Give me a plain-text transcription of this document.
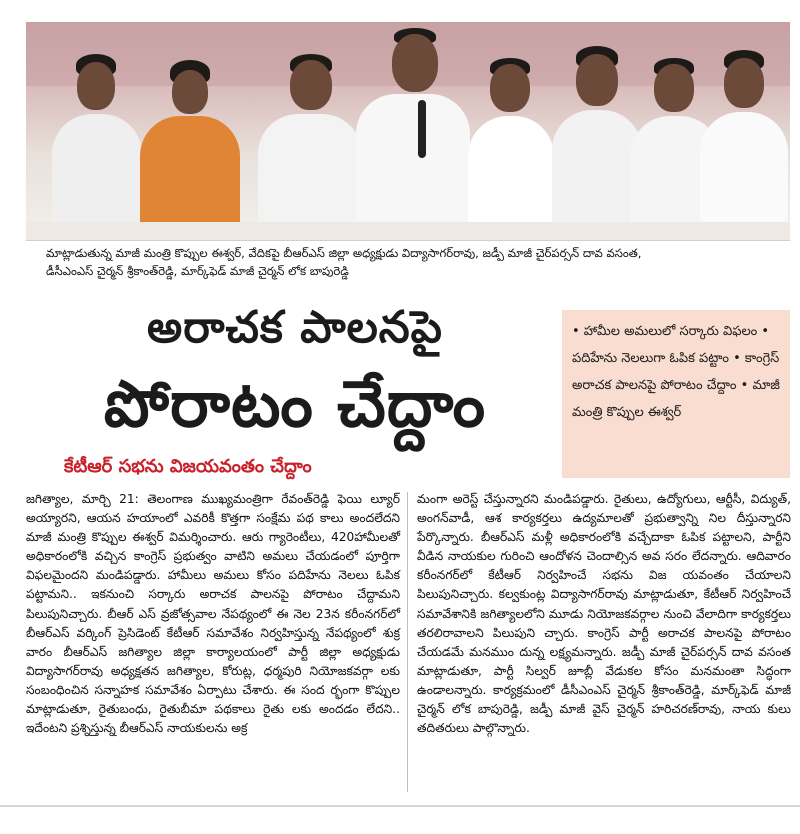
మాట్లాడుతున్న మాజీ మంత్రి కొప్పుల ఈశ్వర్, వేదికపై బీఆర్ఎస్ జిల్లా అధ్యక్షుడు విద్యాసాగర్‌రావు, జడ్పీ మాజీ చైర్‌పర్సన్ దావ వసంత,
డీసీఎంఎస్ చైర్మన్ శ్రీకాంత్‌రెడ్డి, మార్క్‌ఫెడ్ మాజీ చైర్మన్ లోక బాపురెడ్డి
అరాచక పాలనపై
పోరాటం చేద్దాం
కేటీఆర్ సభను విజయవంతం చేద్దాం
• హామీల అమలులో సర్కారు విఫలం • పదిహేను నెలలుగా ఓపిక పట్టాం • కాంగ్రెస్ అరాచక పాలనపై పోరాటం చేద్దాం • మాజీ మంత్రి కొప్పుల ఈశ్వర్
జగిత్యాల, మార్చి 21: తెలంగాణ ముఖ్యమంత్రిగా రేవంత్‌రెడ్డి ఫెయి ల్యూర్ అయ్యారని, ఆయన హయాంలో ఎవరికీ కొత్తగా సంక్షేమ పథ కాలు అందలేదని మాజీ మంత్రి కొప్పుల ఈశ్వర్ విమర్శించారు. ఆరు గ్యారెంటీలు, 420హామీలతో అధికారంలోకి వచ్చిన కాంగ్రెస్ ప్రభుత్వం వాటిని అమలు చేయడంలో పూర్తిగా విఫలమైందని మండిపడ్డారు. హామీలు అమలు కోసం పదిహేను నెలలు ఓపిక పట్టామని.. ఇకనుంచి సర్కారు అరాచక పాలనపై పోరాటం చేద్దామని పిలుపునిచ్చారు. బీఆర్ ఎస్ వ్రజోత్సవాల నేపథ్యంలో ఈ నెల 23న కరీంనగర్‌లో బీఆర్ఎస్ వర్కింగ్ ప్రెసిడెంట్ కేటీఆర్ సమావేశం నిర్వహిస్తున్న నేపథ్యంలో శుక్ర వారం బీఆర్ఎస్ జగిత్యాల జిల్లా కార్యాలయంలో పార్టీ జిల్లా అధ్యక్షుడు విద్యాసాగర్‌రావు అధ్యక్షతన జగిత్యాల, కోరుట్ల, ధర్మపురి నియోజకవర్గా లకు సంబంధించిన సన్నాహక సమావేశం ఏర్పాటు చేశారు. ఈ సంద ర్భంగా కొప్పుల మాట్లాడుతూ, రైతుబంధు, రైతుబీమా పథకాలు రైతు లకు అందడం లేదని.. ఇదేంటని ప్రశ్నిస్తున్న బీఆర్ఎస్ నాయకులను అక్ర
మంగా అరెస్ట్ చేస్తున్నారని మండిపడ్డారు. రైతులు, ఉద్యోగులు, ఆర్టీసీ, విద్యుత్, అంగన్‌వాడీ, ఆశ కార్యకర్తలు ఉద్యమాలతో ప్రభుత్వాన్ని నిల దీస్తున్నారని పేర్కొన్నారు. బీఆర్ఎస్ మళ్లీ అధికారంలోకి వచ్చేదాకా ఓపిక పట్టాలని, పార్టీని వీడిన నాయకుల గురించి ఆందోళన చెందాల్సిన అవ సరం లేదన్నారు. ఆదివారం కరీంనగర్‌లో కేటీఆర్ నిర్వహించే సభను విజ యవంతం చేయాలని పిలుపునిచ్చారు. కల్వకుంట్ల విద్యాసాగర్‌రావు మాట్లాడుతూ, కేటీఆర్ నిర్వహించే సమావేశానికి జగిత్యాలలోని మూడు నియోజకవర్గాల నుంచి వేలాదిగా కార్యకర్తలు తరలిరావాలని పిలుపుని చ్చారు. కాంగ్రెస్ పార్టీ అరాచక పాలనపై పోరాటం చేయడమే మనముం దున్న లక్ష్యమన్నారు. జడ్పీ మాజీ చైర్‌పర్సన్ దావ వసంత మాట్లాడుతూ, పార్టీ సిల్వర్ జూబ్లీ వేడుకల కోసం మనమంతా సిద్ధంగా ఉండాలన్నారు. కార్యక్రమంలో డీసీఎంఎస్ చైర్మన్ శ్రీకాంత్‌రెడ్డి, మార్క్‌ఫెడ్ మాజీ చైర్మన్ లోక బాపురెడ్డి, జడ్పీ మాజీ వైస్ చైర్మన్ హరిచరణ్‌రావు, నాయ కులు తదితరులు పాల్గొన్నారు.
